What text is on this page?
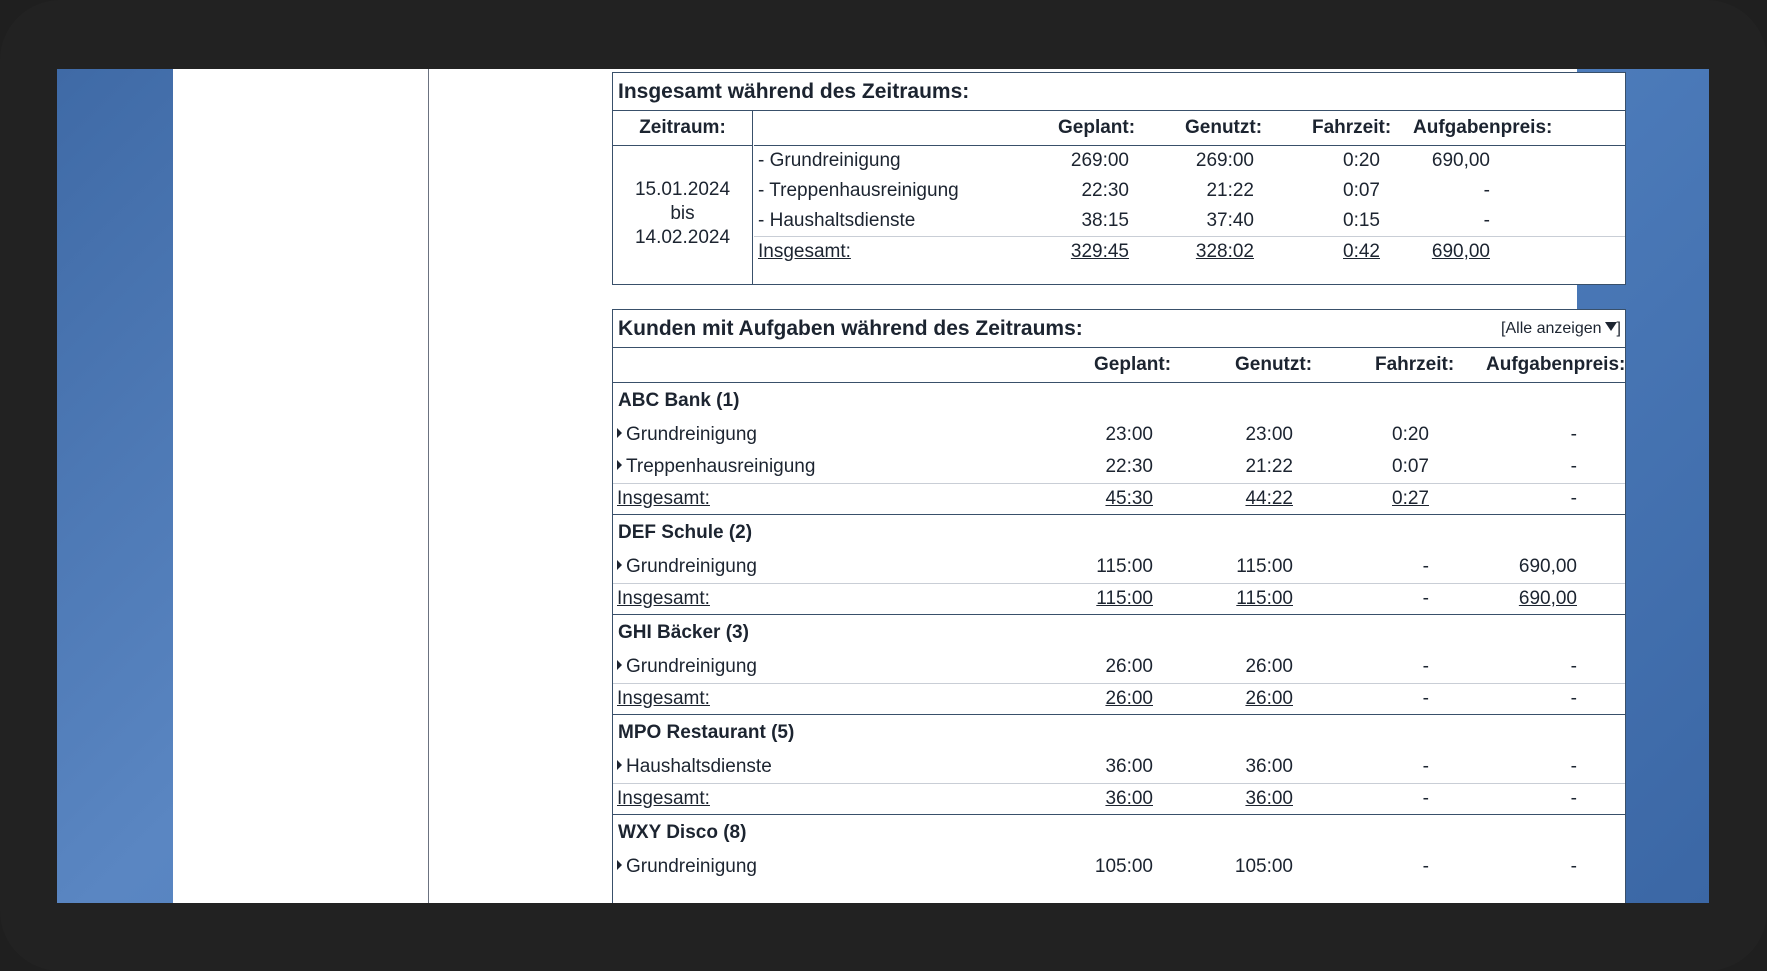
Insgesamt während des Zeitraums:
Zeitraum:
15.01.2024
bis
14.02.2024
Geplant:	Genutzt:	Fahrzeit: Aufgabenpreis:
- Grundreinigung	269:00	269:00	0:20	690,00
- Treppenhausreinigung	22:30	21:22	0:07	-
- Haushaltsdienste	38:15	37:40	0:15	-
Insgesamt:	329:45	328:02	0:42	690,00
Kunden mit Aufgaben während des Zeitraums:	[Alle anzeigen ]
Geplant:	Genutzt:	Fahrzeit: Aufgabenpreis:
ABC Bank (1)
Grundreinigung	23:00	23:00	0:20	-
Treppenhausreinigung	22:30	21:22	0:07	-
Insgesamt:	45:30	44:22	0:27	-
DEF Schule (2)
Grundreinigung	115:00	115:00	-	690,00
Insgesamt:	115:00	115:00	-	690,00
GHI Bäcker (3)
Grundreinigung	26:00	26:00	-	-
Insgesamt:	26:00	26:00	-	-
MPO Restaurant (5)
Haushaltsdienste	36:00	36:00	-	-
Insgesamt:	36:00	36:00	-	-
WXY Disco (8)
Grundreinigung	105:00	105:00	-	-
